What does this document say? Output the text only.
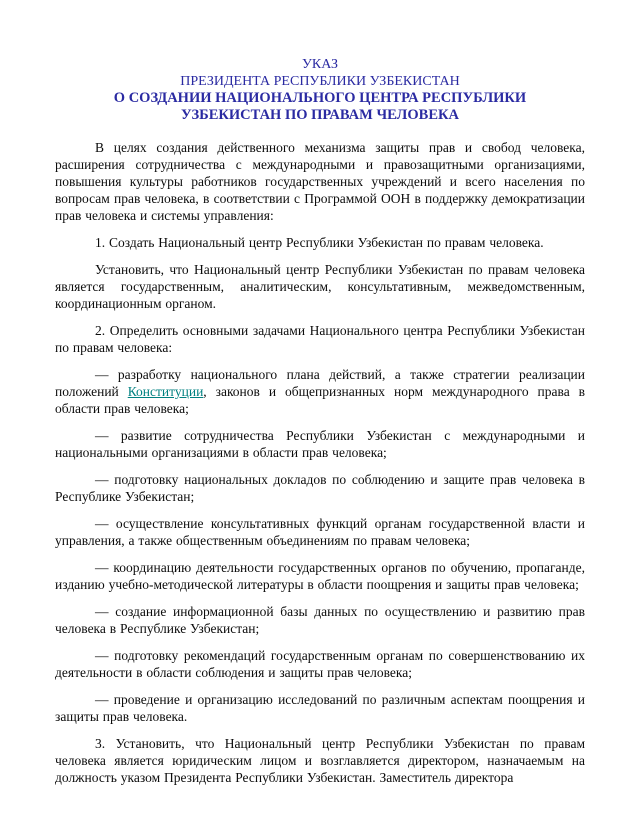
УКАЗ
ПРЕЗИДЕНТА РЕСПУБЛИКИ УЗБЕКИСТАН
О СОЗДАНИИ НАЦИОНАЛЬНОГО ЦЕНТРА РЕСПУБЛИКИ УЗБЕКИСТАН ПО ПРАВАМ ЧЕЛОВЕКА

В целях создания действенного механизма защиты прав и свобод человека, расширения сотрудничества с международными и правозащитными организациями, повышения культуры работников государственных учреждений и всего населения по вопросам прав человека, в соответствии с Программой ООН в поддержку демократизации прав человека и системы управления:

1. Создать Национальный центр Республики Узбекистан по правам человека.

Установить, что Национальный центр Республики Узбекистан по правам человека является государственным, аналитическим, консультативным, межведомственным, координационным органом.

2. Определить основными задачами Национального центра Республики Узбекистан по правам человека:

— разработку национального плана действий, а также стратегии реализации положений Конституции, законов и общепризнанных норм международного права в области прав человека;

— развитие сотрудничества Республики Узбекистан с международными и национальными организациями в области прав человека;

— подготовку национальных докладов по соблюдению и защите прав человека в Республике Узбекистан;

— осуществление консультативных функций органам государственной власти и управления, а также общественным объединениям по правам человека;

— координацию деятельности государственных органов по обучению, пропаганде, изданию учебно-методической литературы в области поощрения и защиты прав человека;

— создание информационной базы данных по осуществлению и развитию прав человека в Республике Узбекистан;

— подготовку рекомендаций государственным органам по совершенствованию их деятельности в области соблюдения и защиты прав человека;

— проведение и организацию исследований по различным аспектам поощрения и защиты прав человека.

3. Установить, что Национальный центр Республики Узбекистан по правам человека является юридическим лицом и возглавляется директором, назначаемым на должность указом Президента Республики Узбекистан. Заместитель директора
